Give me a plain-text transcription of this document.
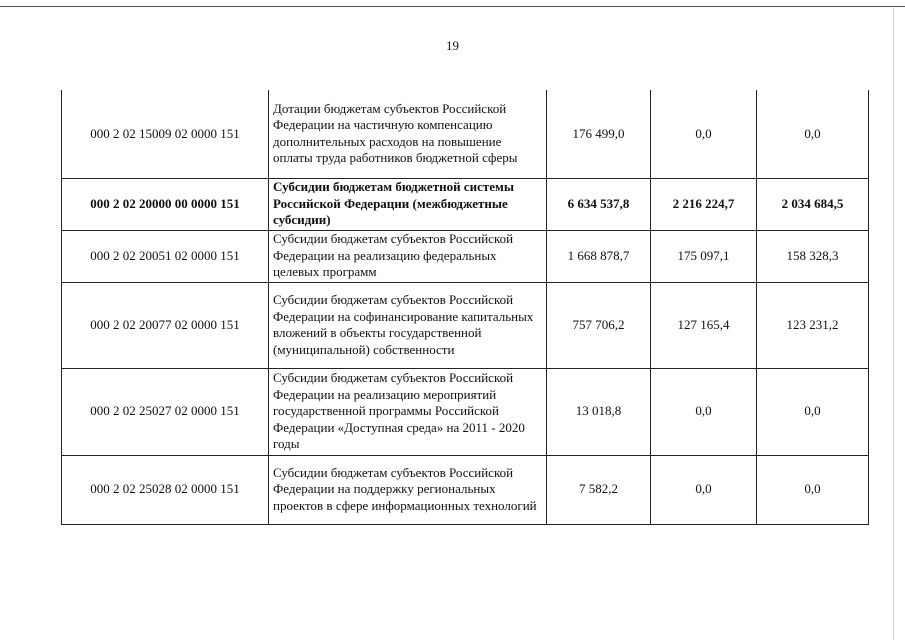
19
000 2 02 15009 02 0000 151	Дотации бюджетам субъектов Российской Федерации на частичную компенсацию дополнительных расходов на повышение оплаты труда работников бюджетной сферы	176 499,0	0,0	0,0
000 2 02 20000 00 0000 151	Субсидии бюджетам бюджетной системы Российской Федерации (межбюджетные субсидии)	6 634 537,8	2 216 224,7	2 034 684,5
000 2 02 20051 02 0000 151	Субсидии бюджетам субъектов Российской Федерации на реализацию федеральных целевых программ	1 668 878,7	175 097,1	158 328,3
000 2 02 20077 02 0000 151	Субсидии бюджетам субъектов Российской Федерации на софинансирование капитальных вложений в объекты государственной (муниципальной) собственности	757 706,2	127 165,4	123 231,2
000 2 02 25027 02 0000 151	Субсидии бюджетам субъектов Российской Федерации на реализацию мероприятий государственной программы Российской Федерации «Доступная среда» на 2011 - 2020 годы	13 018,8	0,0	0,0
000 2 02 25028 02 0000 151	Субсидии бюджетам субъектов Российской Федерации на поддержку региональных проектов в сфере информационных технологий	7 582,2	0,0	0,0
